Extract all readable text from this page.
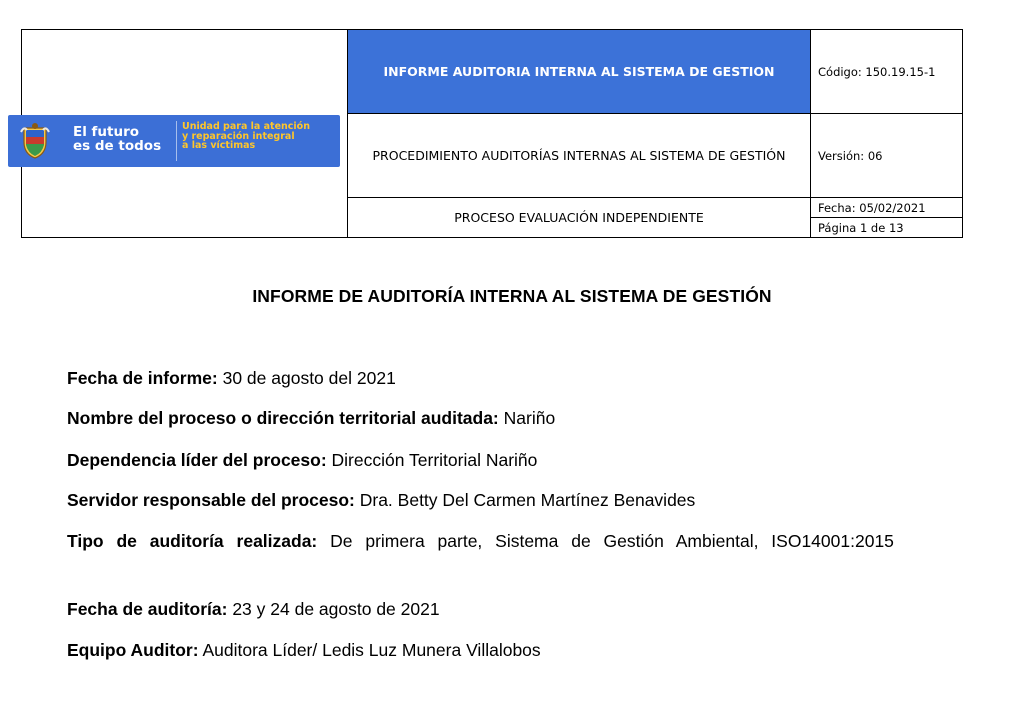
	INFORME AUDITORIA INTERNA AL SISTEMA DE GESTION	Código: 150.19.15-1
	PROCEDIMIENTO AUDITORÍAS INTERNAS AL SISTEMA DE GESTIÓN	Versión: 06
	PROCESO EVALUACIÓN INDEPENDIENTE	Fecha: 05/02/2021
		Página 1 de 13
El futuro
es de todos
Unidad para la atención
y reparación integral
a las víctimas
INFORME DE AUDITORÍA INTERNA AL SISTEMA DE GESTIÓN

Fecha de informe: 30 de agosto del 2021

Nombre del proceso o dirección territorial auditada: Nariño

Dependencia líder del proceso: Dirección Territorial Nariño

Servidor responsable del proceso: Dra. Betty Del Carmen Martínez Benavides

Tipo de auditoría realizada: De primera parte, Sistema de Gestión Ambiental, ISO14001:2015

Fecha de auditoría: 23 y 24 de agosto de 2021

Equipo Auditor: Auditora Líder/ Ledis Luz Munera Villalobos
